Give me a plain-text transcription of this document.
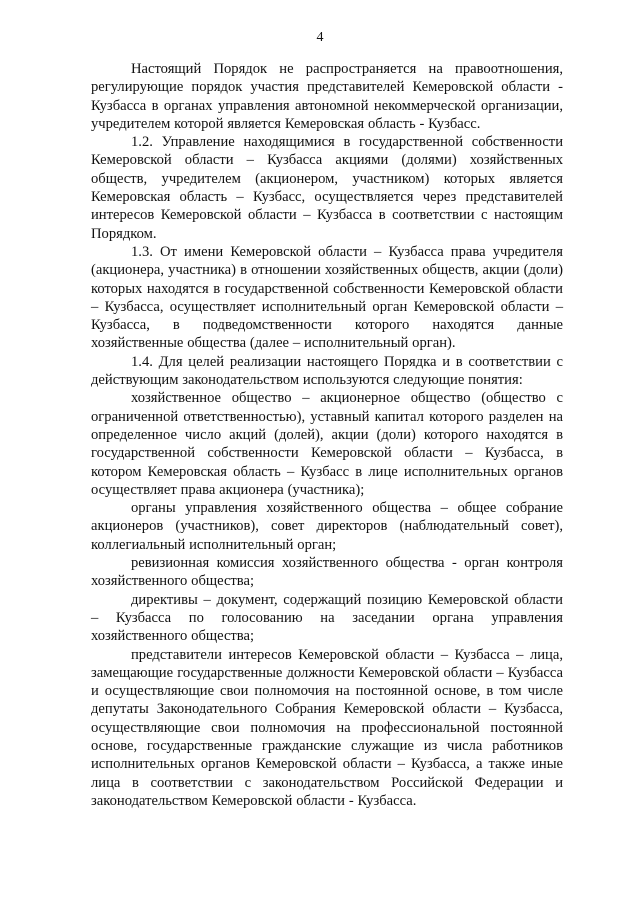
4

Настоящий Порядок не распространяется на правоотношения, регулирующие порядок участия представителей Кемеровской области - Кузбасса в органах управления автономной некоммерческой организации, учредителем которой является Кемеровская область - Кузбасс.

1.2. Управление находящимися в государственной собственности Кемеровской области – Кузбасса акциями (долями) хозяйственных обществ, учредителем (акционером, участником) которых является Кемеровская область – Кузбасс, осуществляется через представителей интересов Кемеровской области – Кузбасса в соответствии с настоящим Порядком.

1.3. От имени Кемеровской области – Кузбасса права учредителя (акционера, участника) в отношении хозяйственных обществ, акции (доли) которых находятся в государственной собственности Кемеровской области – Кузбасса, осуществляет исполнительный орган Кемеровской области – Кузбасса, в подведомственности которого находятся данные хозяйственные общества (далее – исполнительный орган).

1.4. Для целей реализации настоящего Порядка и в соответствии с действующим законодательством используются следующие понятия:

хозяйственное общество – акционерное общество (общество с ограниченной ответственностью), уставный капитал которого разделен на определенное число акций (долей), акции (доли) которого находятся в государственной собственности Кемеровской области – Кузбасса, в котором Кемеровская область – Кузбасс в лице исполнительных органов осуществляет права акционера (участника);

органы управления хозяйственного общества – общее собрание акционеров (участников), совет директоров (наблюдательный совет), коллегиальный исполнительный орган;

ревизионная комиссия хозяйственного общества - орган контроля хозяйственного общества;

директивы – документ, содержащий позицию Кемеровской области – Кузбасса по голосованию на заседании органа управления хозяйственного общества;

представители интересов Кемеровской области – Кузбасса – лица, замещающие государственные должности Кемеровской области – Кузбасса и осуществляющие свои полномочия на постоянной основе, в том числе депутаты Законодательного Собрания Кемеровской области – Кузбасса, осуществляющие свои полномочия на профессиональной постоянной основе, государственные гражданские служащие из числа работников исполнительных органов Кемеровской области – Кузбасса, а также иные лица в соответствии с законодательством Российской Федерации и законодательством Кемеровской области - Кузбасса.
